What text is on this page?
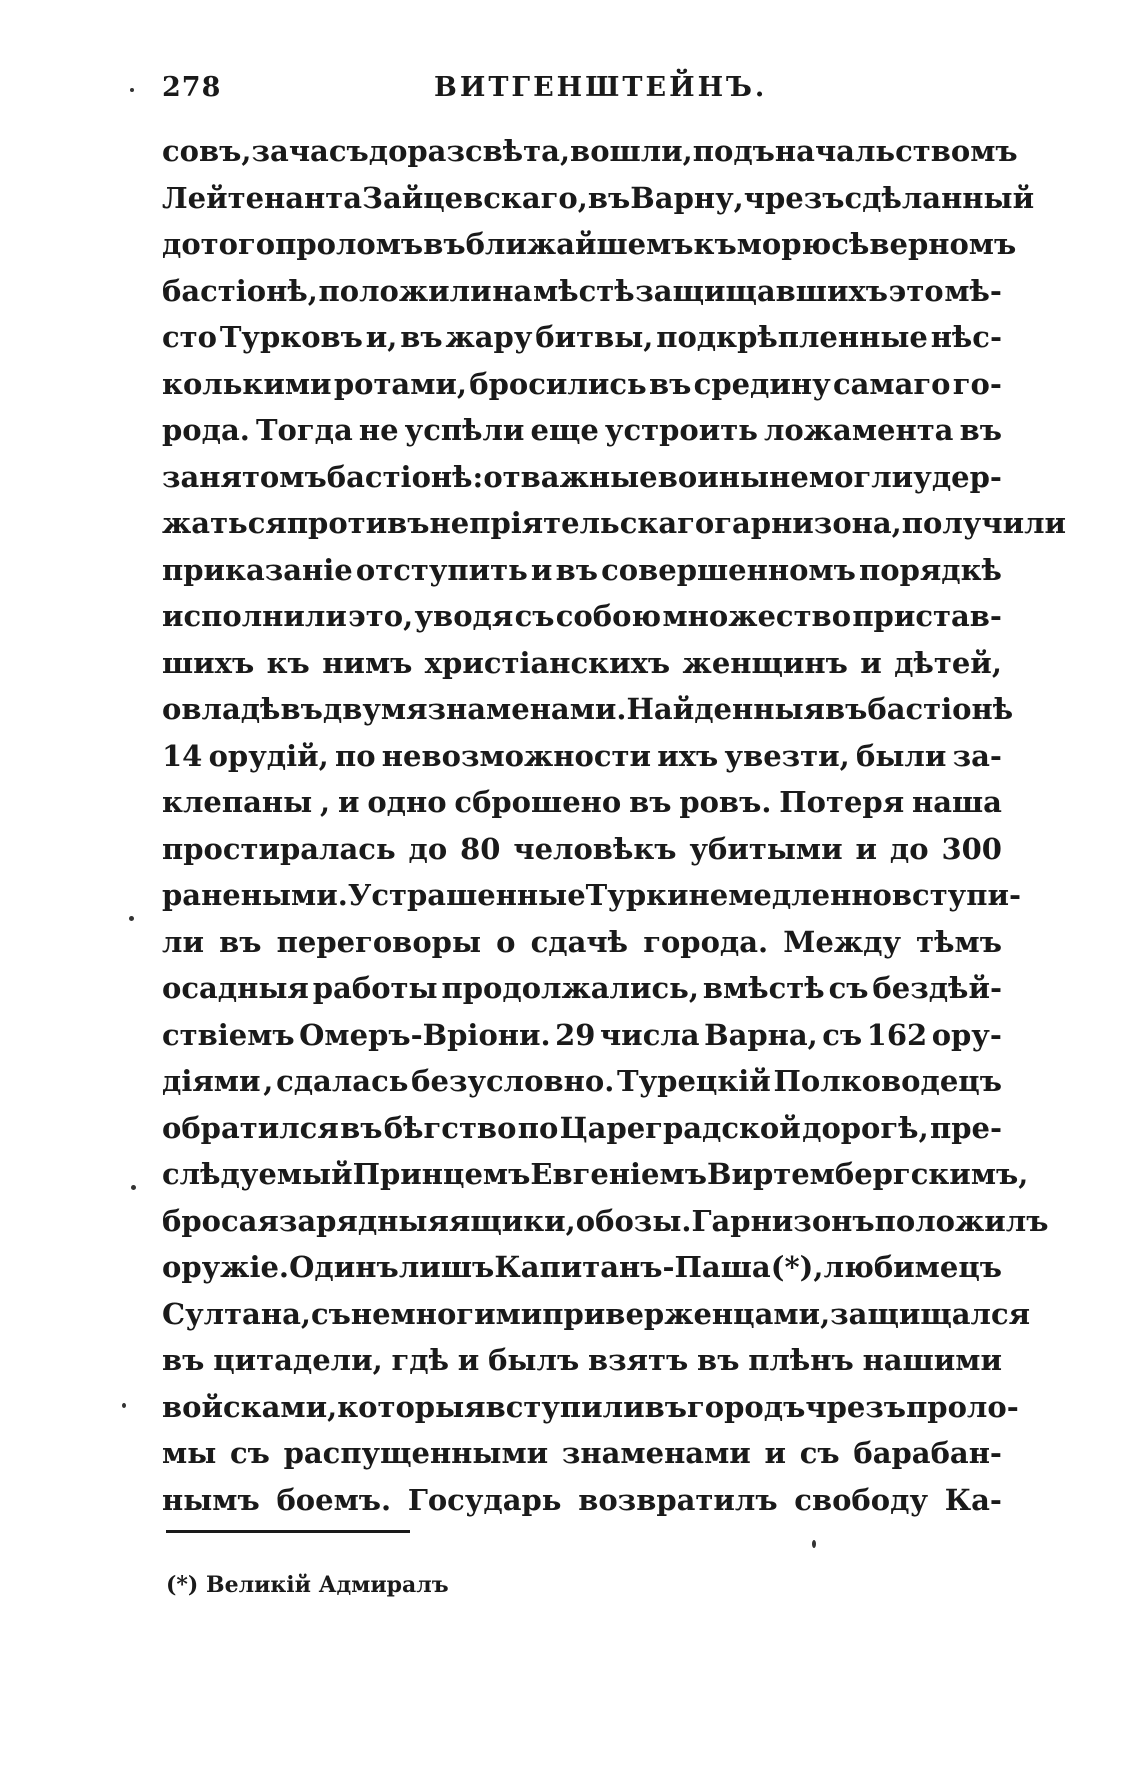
278	ВИТГЕНШТЕЙНЪ.
совъ, за часъ до разсвѣта, вошли, подъ начальствомъ
Лейтенанта Зайцевскаго, въ Варну, чрезъ сдѣланный
до того проломъ въ ближайшемъ къ морю сѣверномъ
бастіонѣ, положили на мѣстѣ защищавшихъ это мѣ-
сто Турковъ и, въ жару битвы, подкрѣпленные нѣс-
колькими ротами, бросились въ средину самаго го-
рода. Тогда не успѣли еще устроить ложамента въ
занятомъ бастіонѣ: отважные воины не могли удер-
жаться противъ непріятельскаго гарнизона, получили
приказаніе отступить и въ совершенномъ порядкѣ
исполнили это, уводя съ собою множество пристав-
шихъ къ нимъ христіанскихъ женщинъ и дѣтей,
овладѣвъ двумя знаменами. Найденныя въ бастіонѣ
14 орудій, по невозможности ихъ увезти, были за-
клепаны , и одно сброшено въ ровъ. Потеря наша
простиралась до 80 человѣкъ убитыми и до 300
ранеными. Устрашенные Турки немедленно вступи-
ли въ переговоры о сдачѣ города. Между тѣмъ
осадныя работы продолжались, вмѣстѣ съ бездѣй-
ствіемъ Омеръ-Вріони. 29 числа Варна, съ 162 ору-
діями , сдалась безусловно. Турецкій Полководецъ
обратился въ бѣгство по Цареградской дорогѣ, пре-
слѣдуемый Принцемъ Евгеніемъ Виртембергскимъ,
бросая зарядныя ящики, обозы. Гарнизонъ положилъ
оружіе. Одинъ лишъ Капитанъ-Паша (*), любимецъ
Султана, съ немногими приверженцами, защищался
въ цитадели, гдѣ и былъ взятъ въ плѣнъ нашими
войсками, которыя вступили въ городъ чрезъ проло-
мы съ распущенными знаменами и съ барабан-
нымъ боемъ. Государь возвратилъ свободу Ка-
(*) Великій Адмиралъ
